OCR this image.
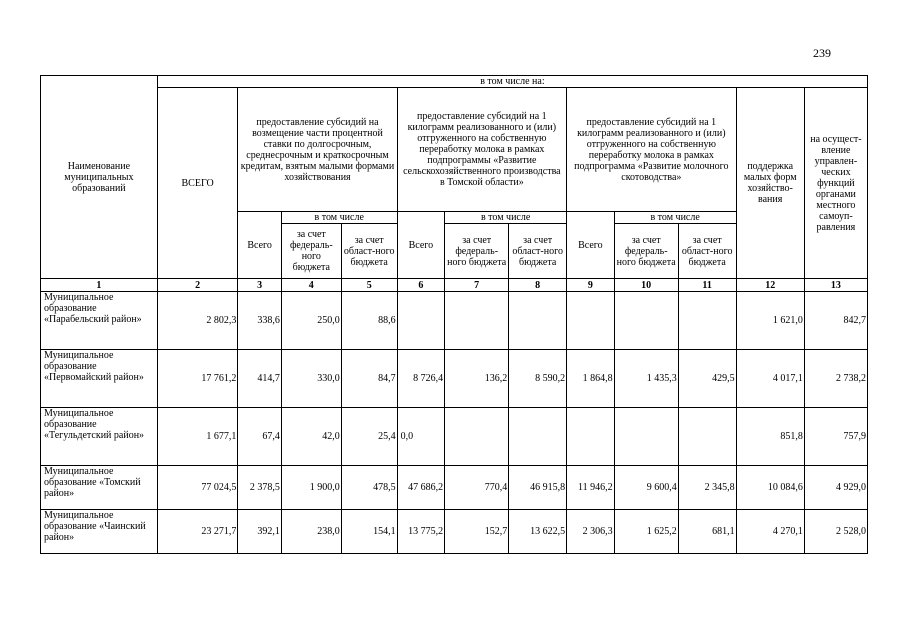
239
Наименование муниципальных образований	в том числе на:											
	ВСЕГО	предоставление субсидий на возмещение части процентной ставки по долгосрочным, среднесрочным и краткосрочным кредитам, взятым малыми формами хозяйствования			предоставление субсидий на 1 килограмм реализованного и (или) отгруженного на собственную переработку молока в рамках подпрограммы «Развитие сельскохозяйственного производства в Томской области»			предоставление субсидий на 1 килограмм реализованного и (или) отгруженного на собственную переработку молока в рамках подпрограмма «Развитие молочного скотоводства»			поддержка малых форм хозяйство-вания	на осущест-вление управлен-ческих функций органами местного самоуп-равления
		Всего	в том числе		Всего	в том числе		Всего	в том числе			
			за счет федераль-ного бюджета	за счет област-ного бюджета		за счет федераль-ного бюджета	за счет област-ного бюджета		за счет федераль-ного бюджета	за счет област-ного бюджета		
1	2	3	4	5	6	7	8	9	10	11	12	13
Муниципальное образование «Парабельский район»	2 802,3	338,6	250,0	88,6							1 621,0	842,7
Муниципальное образование «Первомайский район»	17 761,2	414,7	330,0	84,7	8 726,4	136,2	8 590,2	1 864,8	1 435,3	429,5	4 017,1	2 738,2
Муниципальное образование «Тегульдетский район»	1 677,1	67,4	42,0	25,4	0,0						851,8	757,9
Муниципальное образование «Томский район»	77 024,5	2 378,5	1 900,0	478,5	47 686,2	770,4	46 915,8	11 946,2	9 600,4	2 345,8	10 084,6	4 929,0
Муниципальное образование «Чаинский район»	23 271,7	392,1	238,0	154,1	13 775,2	152,7	13 622,5	2 306,3	1 625,2	681,1	4 270,1	2 528,0
